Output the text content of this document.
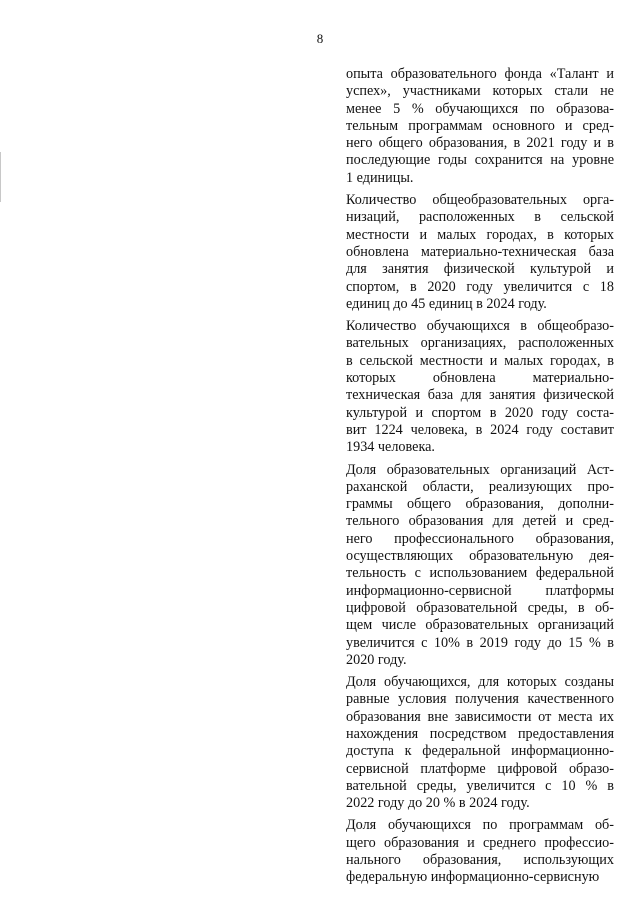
8
опыта образовательного фонда «Талант и
успех», участниками которых стали не
менее 5 % обучающихся по образова-
тельным программам основного и сред-
него общего образования, в 2021 году и в
последующие годы сохранится на уровне
1 единицы.
Количество общеобразовательных орга-
низаций, расположенных в сельской
местности и малых городах, в которых
обновлена материально-техническая база
для занятия физической культурой и
спортом, в 2020 году увеличится с 18
единиц до 45 единиц в 2024 году.
Количество обучающихся в общеобразо-
вательных организациях, расположенных
в сельской местности и малых городах, в
которых обновлена материально-
техническая база для занятия физической
культурой и спортом в 2020 году соста-
вит 1224 человека, в 2024 году составит
1934 человека.
Доля образовательных организаций Аст-
раханской области, реализующих про-
граммы общего образования, дополни-
тельного образования для детей и сред-
него профессионального образования,
осуществляющих образовательную дея-
тельность с использованием федеральной
информационно-сервисной платформы
цифровой образовательной среды, в об-
щем числе образовательных организаций
увеличится с 10% в 2019 году до 15 % в
2020 году.
Доля обучающихся, для которых созданы
равные условия получения качественного
образования вне зависимости от места их
нахождения посредством предоставления
доступа к федеральной информационно-
сервисной платформе цифровой образо-
вательной среды, увеличится с 10 % в
2022 году до 20 % в 2024 году.
Доля обучающихся по программам об-
щего образования и среднего профессио-
нального образования, использующих
федеральную информационно-сервисную
